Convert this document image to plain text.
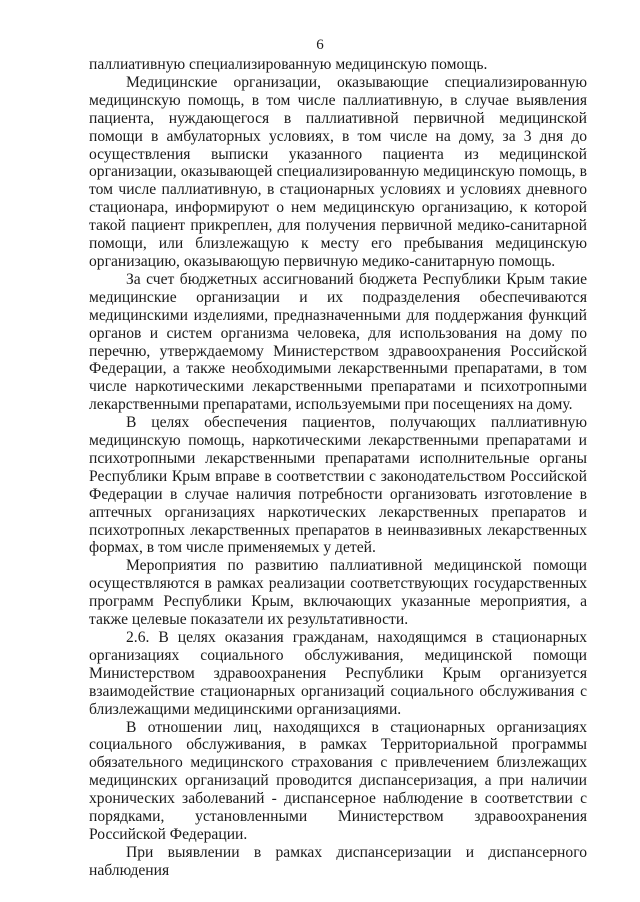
6

паллиативную специализированную медицинскую помощь.

Медицинские организации, оказывающие специализированную медицинскую помощь, в том числе паллиативную, в случае выявления пациента, нуждающегося в паллиативной первичной медицинской помощи в амбулаторных условиях, в том числе на дому, за 3 дня до осуществления выписки указанного пациента из медицинской организации, оказывающей специализированную медицинскую помощь, в том числе паллиативную, в стационарных условиях и условиях дневного стационара, информируют о нем медицинскую организацию, к которой такой пациент прикреплен, для получения первичной медико-санитарной помощи, или близлежащую к месту его пребывания медицинскую организацию, оказывающую первичную медико-санитарную помощь.

За счет бюджетных ассигнований бюджета Республики Крым такие медицинские организации и их подразделения обеспечиваются медицинскими изделиями, предназначенными для поддержания функций органов и систем организма человека, для использования на дому по перечню, утверждаемому Министерством здравоохранения Российской Федерации, а также необходимыми лекарственными препаратами, в том числе наркотическими лекарственными препаратами и психотропными лекарственными препаратами, используемыми при посещениях на дому.

В целях обеспечения пациентов, получающих паллиативную медицинскую помощь, наркотическими лекарственными препаратами и психотропными лекарственными препаратами исполнительные органы Республики Крым вправе в соответствии с законодательством Российской Федерации в случае наличия потребности организовать изготовление в аптечных организациях наркотических лекарственных препаратов и психотропных лекарственных препаратов в неинвазивных лекарственных формах, в том числе применяемых у детей.

Мероприятия по развитию паллиативной медицинской помощи осуществляются в рамках реализации соответствующих государственных программ Республики Крым, включающих указанные мероприятия, а также целевые показатели их результативности.

2.6. В целях оказания гражданам, находящимся в стационарных организациях социального обслуживания, медицинской помощи Министерством здравоохранения Республики Крым организуется взаимодействие стационарных организаций социального обслуживания с близлежащими медицинскими организациями.

В отношении лиц, находящихся в стационарных организациях социального обслуживания, в рамках Территориальной программы обязательного медицинского страхования с привлечением близлежащих медицинских организаций проводится диспансеризация, а при наличии хронических заболеваний - диспансерное наблюдение в соответствии с порядками, установленными Министерством здравоохранения Российской Федерации.

При выявлении в рамках диспансеризации и диспансерного наблюдения
